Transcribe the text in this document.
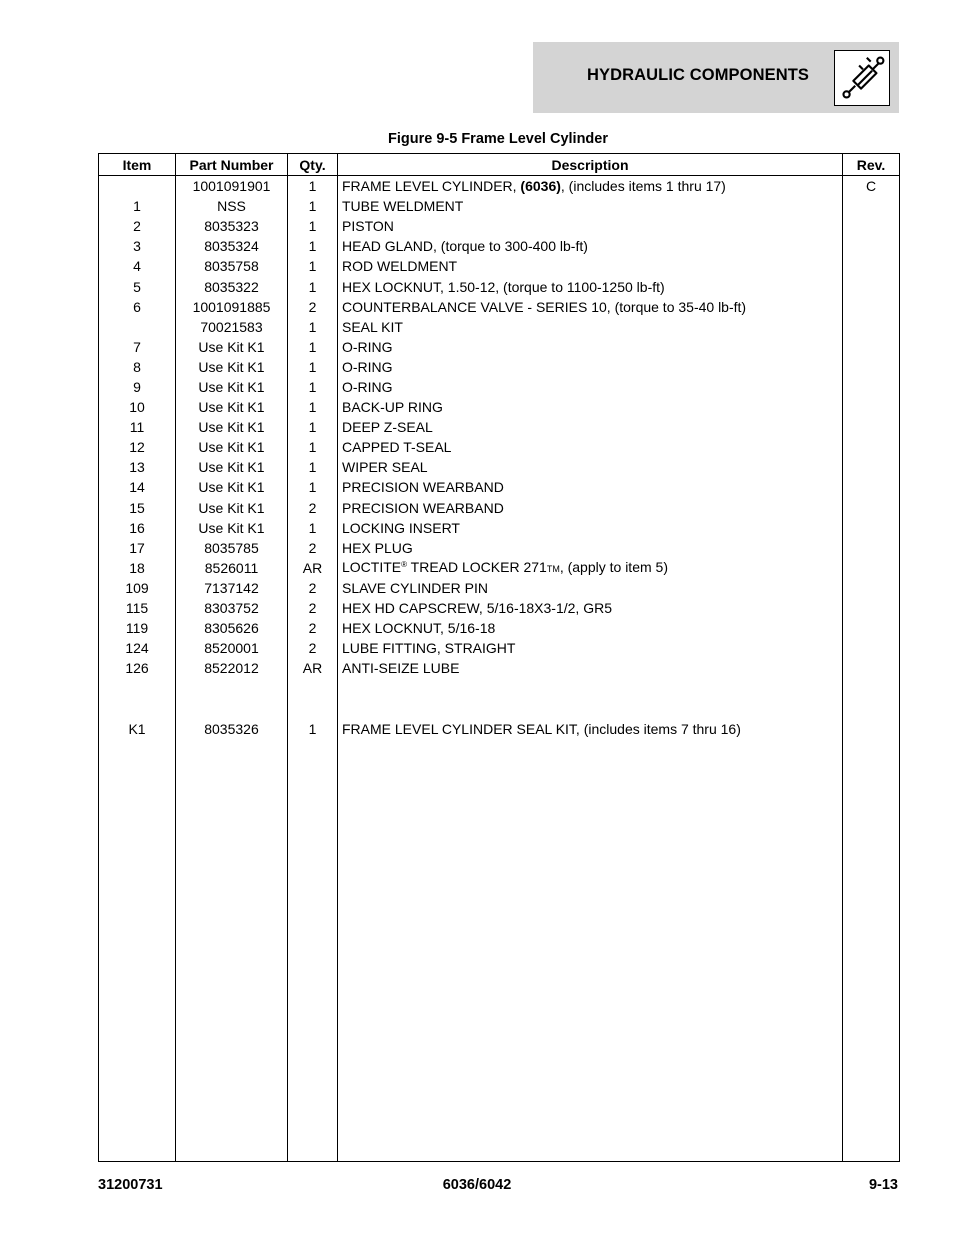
HYDRAULIC COMPONENTS
Figure 9-5 Frame Level Cylinder
Item	Part Number	Qty.	Description	Rev.
	1001091901	1	FRAME LEVEL CYLINDER, (6036), (includes items 1 thru 17)	C
1	NSS	1	TUBE WELDMENT	
2	8035323	1	PISTON	
3	8035324	1	HEAD GLAND, (torque to 300-400 lb-ft)	
4	8035758	1	ROD WELDMENT	
5	8035322	1	HEX LOCKNUT, 1.50-12, (torque to 1100-1250 lb-ft)	
6	1001091885	2	COUNTERBALANCE VALVE - SERIES 10, (torque to 35-40 lb-ft)	
	70021583	1	SEAL KIT	
7	Use Kit K1	1	O-RING	
8	Use Kit K1	1	O-RING	
9	Use Kit K1	1	O-RING	
10	Use Kit K1	1	BACK-UP RING	
11	Use Kit K1	1	DEEP Z-SEAL	
12	Use Kit K1	1	CAPPED T-SEAL	
13	Use Kit K1	1	WIPER SEAL	
14	Use Kit K1	1	PRECISION WEARBAND	
15	Use Kit K1	2	PRECISION WEARBAND	
16	Use Kit K1	1	LOCKING INSERT	
17	8035785	2	HEX PLUG	
18	8526011	AR	LOCTITE® TREAD LOCKER 271TM, (apply to item 5)	
109	7137142	2	SLAVE CYLINDER PIN	
115	8303752	2	HEX HD CAPSCREW, 5/16-18X3-1/2, GR5	
119	8305626	2	HEX LOCKNUT, 5/16-18	
124	8520001	2	LUBE FITTING, STRAIGHT	
126	8522012	AR	ANTI-SEIZE LUBE	

K1	8035326	1	FRAME LEVEL CYLINDER SEAL KIT, (includes items 7 thru 16)	

31200731	6036/6042	9-13
